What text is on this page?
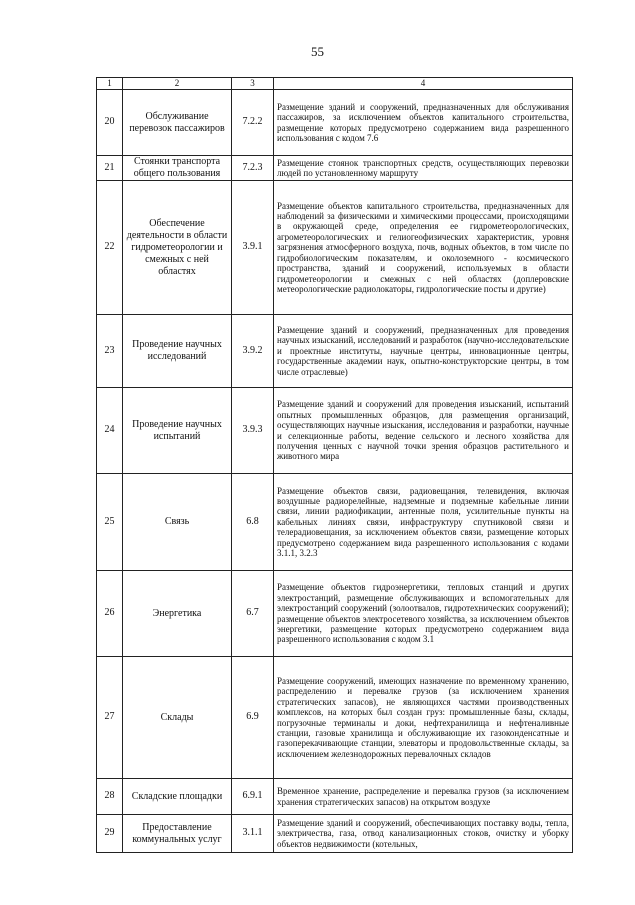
55
1	2	3	4
20	Обслуживание перевозок пассажиров	7.2.2	Размещение зданий и сооружений, предназначенных для обслуживания пассажиров, за исключением объектов капитального строительства, размещение которых предусмотрено содержанием вида разрешенного использования с кодом 7.6
21	Стоянки транспорта общего пользования	7.2.3	Размещение стоянок транспортных средств, осуществляющих перевозки людей по установленному маршруту
22	Обеспечение деятельности в области гидрометеорологии и смежных с ней областях	3.9.1	Размещение объектов капитального строительства, предназначенных для наблюдений за физическими и химическими процессами, происходящими в окружающей среде, определения ее гидрометеорологических, агрометеорологических и гелиогеофизических характеристик, уровня загрязнения атмосферного воздуха, почв, водных объектов, в том числе по гидробиологическим показателям, и околоземного - космического пространства, зданий и сооружений, используемых в области гидрометеорологии и смежных с ней областях (доплеровские метеорологические радиолокаторы, гидрологические посты и другие)
23	Проведение научных исследований	3.9.2	Размещение зданий и сооружений, предназначенных для проведения научных изысканий, исследований и разработок (научно-исследовательские и проектные институты, научные центры, инновационные центры, государственные академии наук, опытно-конструкторские центры, в том числе отраслевые)
24	Проведение научных испытаний	3.9.3	Размещение зданий и сооружений для проведения изысканий, испытаний опытных промышленных образцов, для размещения организаций, осуществляющих научные изыскания, исследования и разработки, научные и селекционные работы, ведение сельского и лесного хозяйства для получения ценных с научной точки зрения образцов растительного и животного мира
25	Связь	6.8	Размещение объектов связи, радиовещания, телевидения, включая воздушные радиорелейные, надземные и подземные кабельные линии связи, линии радиофикации, антенные поля, усилительные пункты на кабельных линиях связи, инфраструктуру спутниковой связи и телерадиовещания, за исключением объектов связи, размещение которых предусмотрено содержанием вида разрешенного использования с кодами 3.1.1, 3.2.3
26	Энергетика	6.7	Размещение объектов гидроэнергетики, тепловых станций и других электростанций, размещение обслуживающих и вспомогательных для электростанций сооружений (золоотвалов, гидротехнических сооружений); размещение объектов электросетевого хозяйства, за исключением объектов энергетики, размещение которых предусмотрено содержанием вида разрешенного использования с кодом 3.1
27	Склады	6.9	Размещение сооружений, имеющих назначение по временному хранению, распределению и перевалке грузов (за исключением хранения стратегических запасов), не являющихся частями производственных комплексов, на которых был создан груз: промышленные базы, склады, погрузочные терминалы и доки, нефтехранилища и нефтеналивные станции, газовые хранилища и обслуживающие их газоконденсатные и газоперекачивающие станции, элеваторы и продовольственные склады, за исключением железнодорожных перевалочных складов
28	Складские площадки	6.9.1	Временное хранение, распределение и перевалка грузов (за исключением хранения стратегических запасов) на открытом воздухе
29	Предоставление коммунальных услуг	3.1.1	Размещение зданий и сооружений, обеспечивающих поставку воды, тепла, электричества, газа, отвод канализационных стоков, очистку и уборку объектов недвижимости (котельных,
